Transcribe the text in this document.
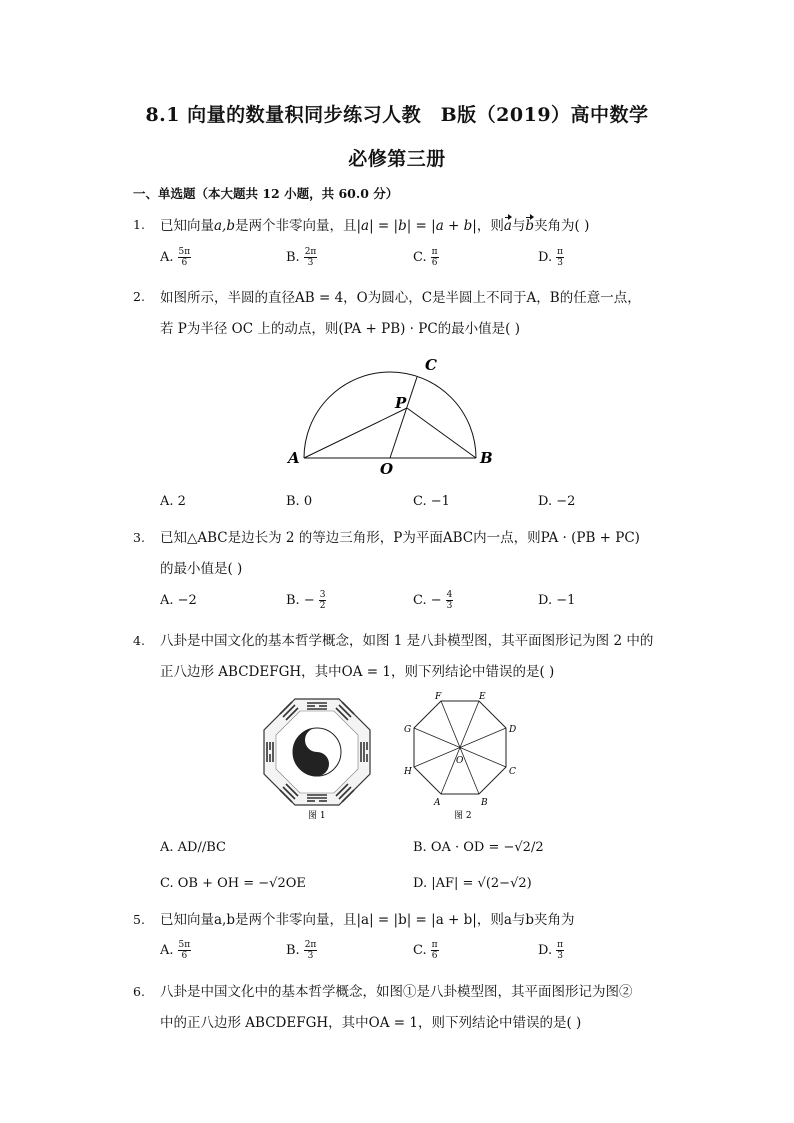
8.1 向量的数量积同步练习人教　B版（2019）高中数学
必修第三册
一、单选题（本大题共 12 小题，共 60.0 分）
1. 已知向量a,b是两个非零向量，且|a| = |b| = |a + b|，则a与b夹角为( )
A. $\frac{5\pi}{6}$	B. $\frac{2\pi}{3}$	C. $\frac{\pi}{6}$	D. $\frac{\pi}{3}$
2. 如图所示，半圆的直径AB = 4，O为圆心，C是半圆上不同于A，B的任意一点，
若 P为半径 OC 上的动点，则(PA + PB) · PC的最小值是( )
A	B
O
C
P
A. 2	B. 0	C. −1	D. −2
3. 已知△ABC是边长为 2 的等边三角形，P为平面ABC内一点，则PA · (PB + PC)
的最小值是( )
A. −2	B. − $\frac{3}{2}$	C. − $\frac{4}{3}$	D. −1
4. 八卦是中国文化的基本哲学概念，如图 1 是八卦模型图，其平面图形记为图 2 中的
正八边形 ABCDEFGH，其中OA = 1，则下列结论中错误的是( )
图 1
A	B
C
D
E
F
G
H
O
图 2
A. AD//BC	B. OA · OD = −√2/2
C. OB + OH = −√2OE	D. |AF| = √(2−√2)
5. 已知向量a,b是两个非零向量，且|a| = |b| = |a + b|，则a与b夹角为
A. $\frac{5\pi}{6}$	B. $\frac{2\pi}{3}$	C. $\frac{\pi}{6}$	D. $\frac{\pi}{3}$
6. 八卦是中国文化中的基本哲学概念，如图①是八卦模型图，其平面图形记为图②
中的正八边形 ABCDEFGH，其中OA = 1，则下列结论中错误的是( )
